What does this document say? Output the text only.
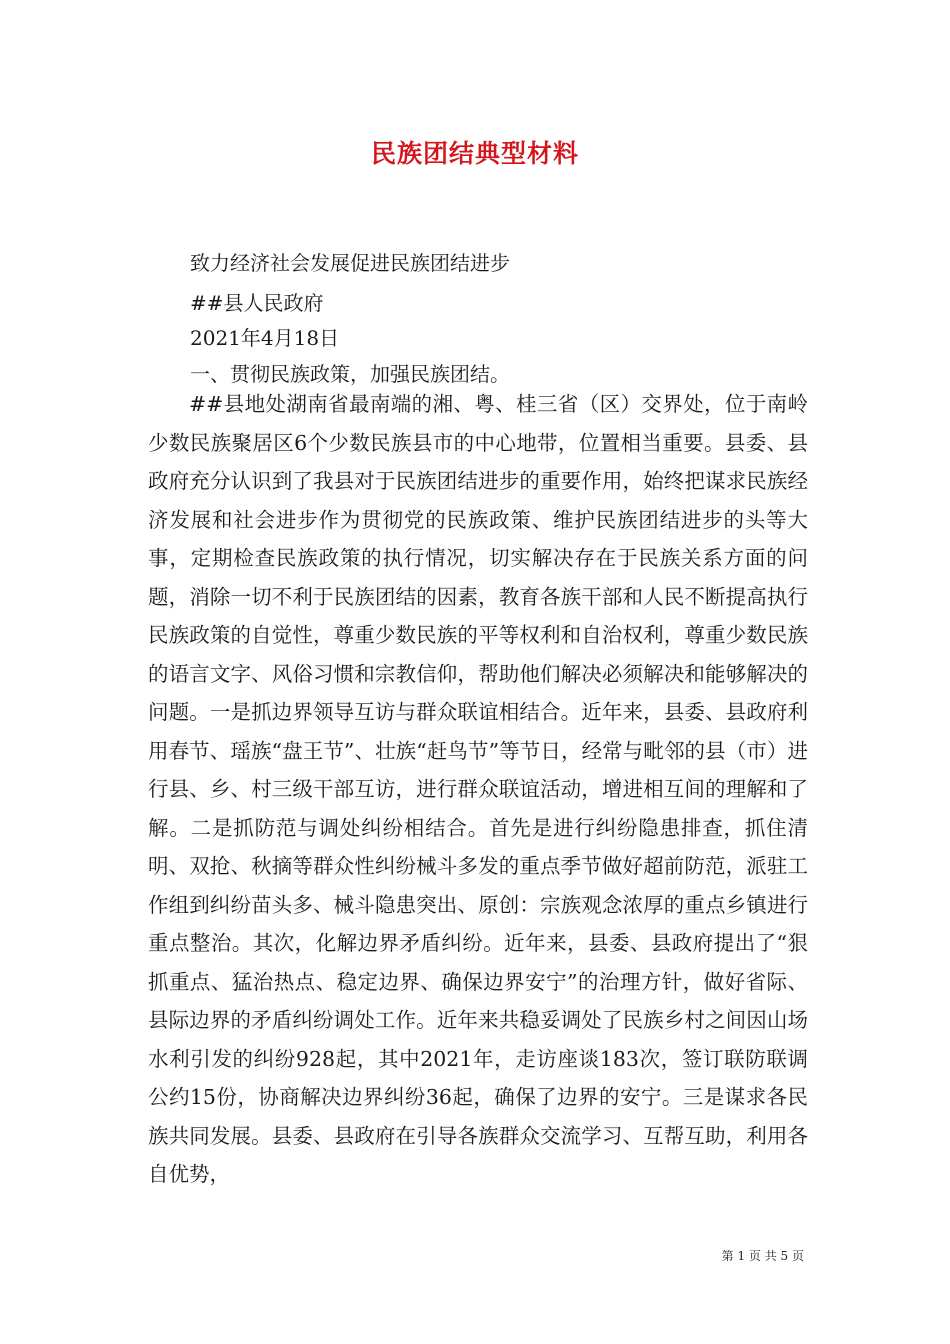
民族团结典型材料

致力经济社会发展促进民族团结进步

##县人民政府

2021年4月18日

一、贯彻民族政策，加强民族团结。

##县地处湖南省最南端的湘、粤、桂三省（区）交界处，位于南岭少数民族聚居区6个少数民族县市的中心地带，位置相当重要。县委、县政府充分认识到了我县对于民族团结进步的重要作用，始终把谋求民族经济发展和社会进步作为贯彻党的民族政策、维护民族团结进步的头等大事，定期检查民族政策的执行情况，切实解决存在于民族关系方面的问题，消除一切不利于民族团结的因素，教育各族干部和人民不断提高执行民族政策的自觉性，尊重少数民族的平等权利和自治权利，尊重少数民族的语言文字、风俗习惯和宗教信仰，帮助他们解决必须解决和能够解决的问题。一是抓边界领导互访与群众联谊相结合。近年来，县委、县政府利用春节、瑶族“盘王节”、壮族“赶鸟节”等节日，经常与毗邻的县（市）进行县、乡、村三级干部互访，进行群众联谊活动，增进相互间的理解和了解。二是抓防范与调处纠纷相结合。首先是进行纠纷隐患排查，抓住清明、双抢、秋摘等群众性纠纷械斗多发的重点季节做好超前防范，派驻工作组到纠纷苗头多、械斗隐患突出、原创：宗族观念浓厚的重点乡镇进行重点整治。其次，化解边界矛盾纠纷。近年来，县委、县政府提出了“狠抓重点、猛治热点、稳定边界、确保边界安宁”的治理方针，做好省际、县际边界的矛盾纠纷调处工作。近年来共稳妥调处了民族乡村之间因山场水利引发的纠纷928起，其中2021年，走访座谈183次，签订联防联调公约15份，协商解决边界纠纷36起，确保了边界的安宁。三是谋求各民族共同发展。县委、县政府在引导各族群众交流学习、互帮互助，利用各自优势，

第 1 页 共 5 页
